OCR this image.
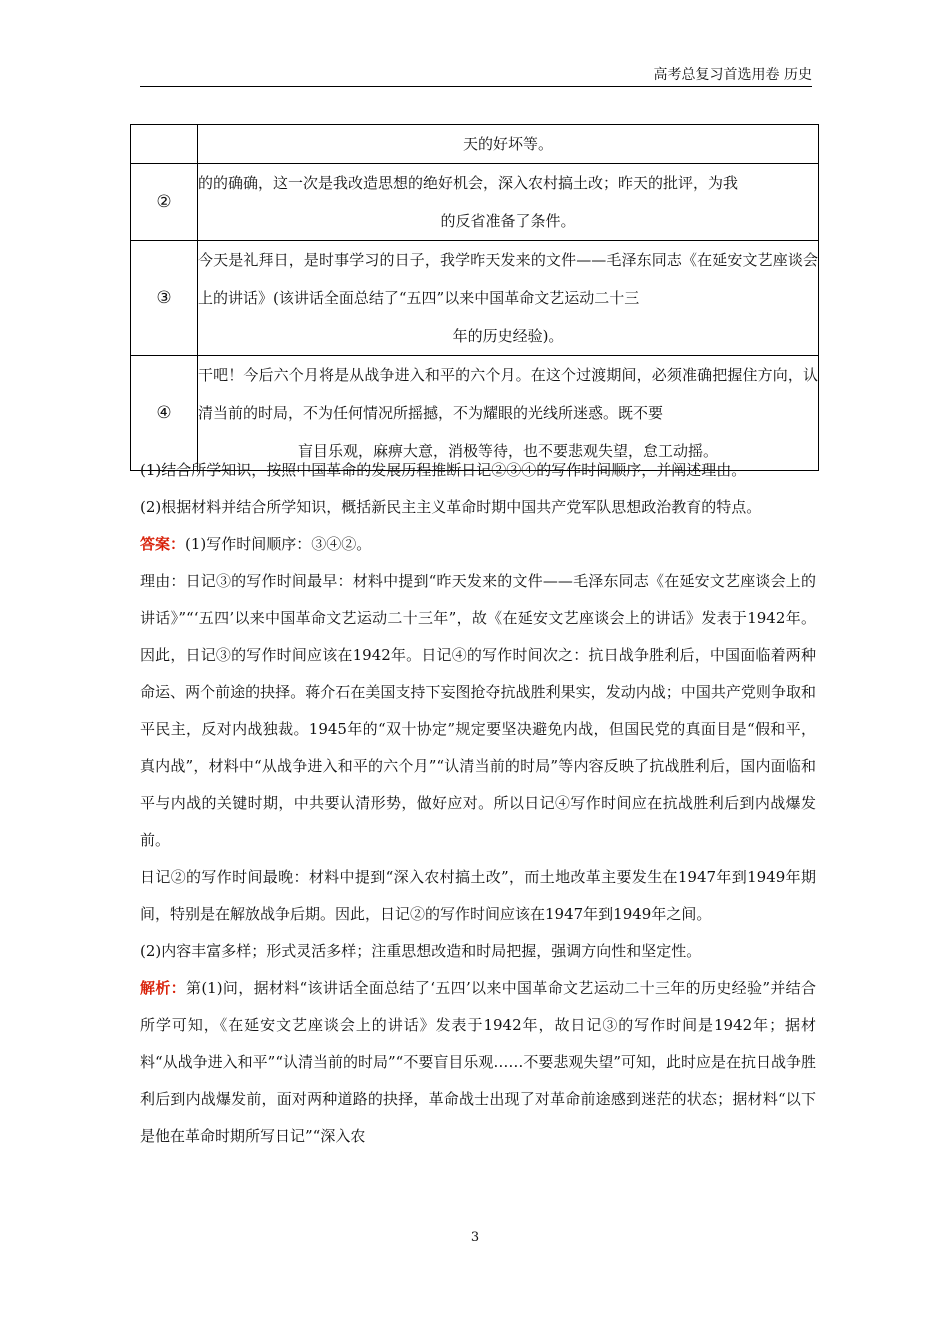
高考总复习首选用卷 历史

	天的好坏等。

②	的的确确，这一次是我改造思想的绝好机会，深入农村搞土改；昨天的批评，为我
的反省准备了条件。

③	今天是礼拜日，是时事学习的日子，我学昨天发来的文件——毛泽东同志《在延安文艺座谈会上的讲话》(该讲话全面总结了“五四”以来中国革命文艺运动二十三
年的历史经验)。

④	干吧！今后六个月将是从战争进入和平的六个月。在这个过渡期间，必须准确把握住方向，认清当前的时局，不为任何情况所摇撼，不为耀眼的光线所迷惑。既不要
盲目乐观，麻痹大意，消极等待，也不要悲观失望，怠工动摇。

(1)结合所学知识，按照中国革命的发展历程推断日记②③④的写作时间顺序，并阐述理由。

(2)根据材料并结合所学知识，概括新民主主义革命时期中国共产党军队思想政治教育的特点。

答案：(1)写作时间顺序：③④②。

理由：日记③的写作时间最早：材料中提到“昨天发来的文件——毛泽东同志《在延安文艺座谈会上的讲话》”“‘五四’以来中国革命文艺运动二十三年”，故《在延安文艺座谈会上的讲话》发表于1942年。因此，日记③的写作时间应该在1942年。日记④的写作时间次之：抗日战争胜利后，中国面临着两种命运、两个前途的抉择。蒋介石在美国支持下妄图抢夺抗战胜利果实，发动内战；中国共产党则争取和平民主，反对内战独裁。1945年的“双十协定”规定要坚决避免内战，但国民党的真面目是“假和平，真内战”，材料中“从战争进入和平的六个月”“认清当前的时局”等内容反映了抗战胜利后，国内面临和平与内战的关键时期，中共要认清形势，做好应对。所以日记④写作时间应在抗战胜利后到内战爆发前。

日记②的写作时间最晚：材料中提到“深入农村搞土改”，而土地改革主要发生在1947年到1949年期间，特别是在解放战争后期。因此，日记②的写作时间应该在1947年到1949年之间。

(2)内容丰富多样；形式灵活多样；注重思想改造和时局把握，强调方向性和坚定性。

解析：第(1)问，据材料“该讲话全面总结了‘五四’以来中国革命文艺运动二十三年的历史经验”并结合所学可知，《在延安文艺座谈会上的讲话》发表于1942年，故日记③的写作时间是1942年；据材料“从战争进入和平”“认清当前的时局”“不要盲目乐观……不要悲观失望”可知，此时应是在抗日战争胜利后到内战爆发前，面对两种道路的抉择，革命战士出现了对革命前途感到迷茫的状态；据材料“以下是他在革命时期所写日记”“深入农

3
